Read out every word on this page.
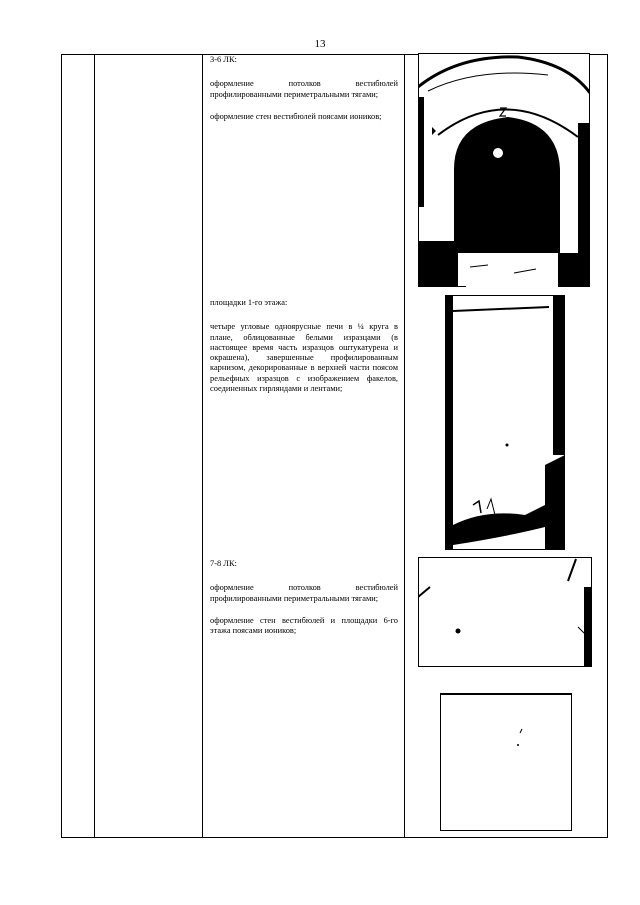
13

3-6 ЛК:

оформление потолков вестибюлей профилированными периметральными тягами;

оформление стен вестибюлей поясами иоников;

площадки 1-го этажа:

четыре угловые одноярусные печи в ¼ круга в плане, облицованные белыми изразцами (в настоящее время часть изразцов оштукатурена и окрашена), завершенные профилированным карнизом, декорированные в верхней части поясом рельефных изразцов с изображением факелов, соединенных гирляндами и лентами;

7-8 ЛК:

оформление потолков вестибюлей профилированными периметральными тягами;

оформление стен вестибюлей и площадки 6-го этажа поясами иоников;
